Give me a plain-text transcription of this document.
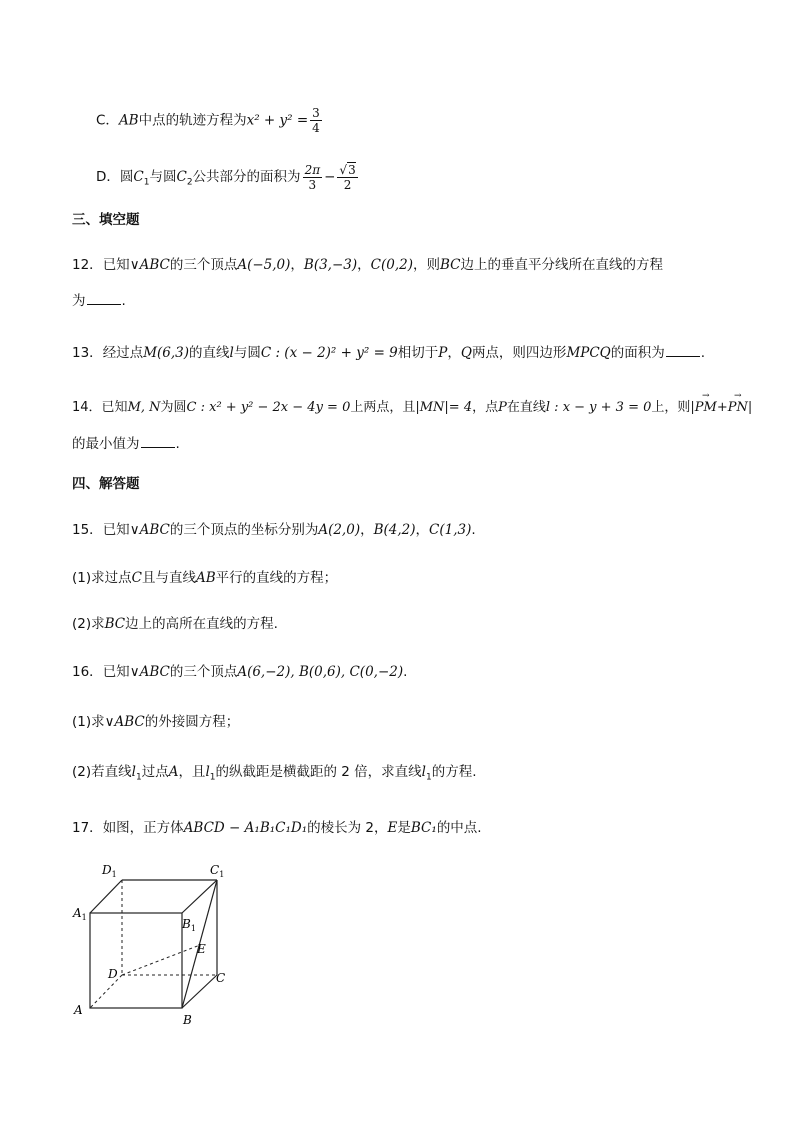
C．AB中点的轨迹方程为$x^2 + y^2 = \frac{3}{4}$
D．圆$C_1$与圆$C_2$公共部分的面积为 $\frac{2\pi}{3} - \frac{√3}{2}$
三、填空题
12．已知∨ABC的三个顶点A(−5,0)，B(3,−3)，C(0,2)，则BC边上的垂直平分线所在直线的方程
为	.
13．经过点M(6,3)的直线l与圆C : (x − 2)² + y² = 9相切于P，Q两点，则四边形MPCQ的面积为	.
14．已知M, N为圆C : x² + y² − 2x − 4y = 0上两点，且|MN|= 4，点P在直线l : x − y + 3 = 0上，则|→ PM+→ PN|
的最小值为	.
四、解答题
15．已知∨ABC的三个顶点的坐标分别为A(2,0)，B(4,2)，C(1,3).
(1)求过点C且与直线AB平行的直线的方程；
(2)求BC边上的高所在直线的方程.
16．已知∨ABC的三个顶点A(6,−2), B(0,6), C(0,−2).
(1)求∨ABC的外接圆方程；
(2)若直线$l_1$过点A，且$l_1$的纵截距是横截距的 2 倍，求直线$l_1$的方程.
17．如图，正方体ABCD − A₁B₁C₁D₁的棱长为 2，E是BC₁的中点.
A
B
C
D
E
$A_1$	$B_1$
$C_1$
$D_1$
